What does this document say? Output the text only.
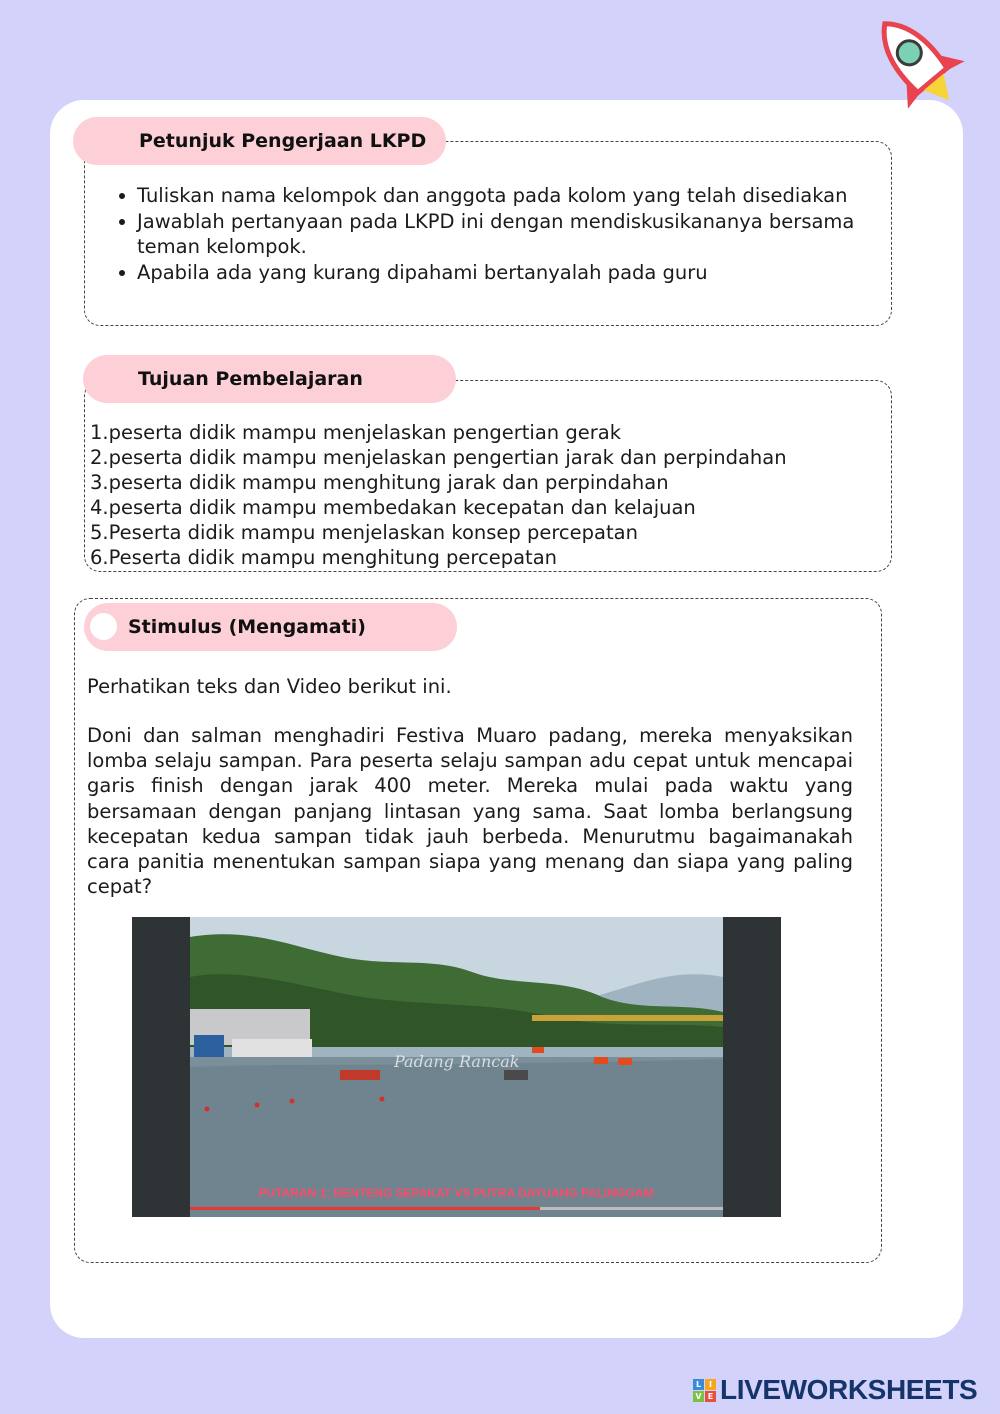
Petunjuk Pengerjaan LKPD
Tuliskan nama kelompok dan anggota pada kolom yang telah disediakan
Jawablah pertanyaan pada LKPD ini dengan mendiskusikananya bersama teman kelompok.
Apabila ada yang kurang dipahami bertanyalah pada guru
Tujuan Pembelajaran
1.peserta didik mampu menjelaskan pengertian gerak
2.peserta didik mampu menjelaskan pengertian jarak dan perpindahan
3.peserta didik mampu menghitung jarak dan perpindahan
4.peserta didik mampu membedakan kecepatan dan kelajuan
5.Peserta didik mampu menjelaskan konsep percepatan
6.Peserta didik mampu menghitung percepatan
Stimulus (Mengamati)

Perhatikan teks dan Video berikut ini.

Doni dan salman menghadiri Festiva Muaro padang, mereka menyaksikan lomba selaju sampan. Para peserta selaju sampan adu cepat untuk mencapai garis finish dengan jarak 400 meter. Mereka mulai pada waktu yang bersamaan dengan panjang lintasan yang sama. Saat lomba berlangsung kecepatan kedua sampan tidak jauh berbeda. Menurutmu bagaimanakah cara panitia menentukan sampan siapa yang menang dan siapa yang paling cepat?

Padang Rancak
PUTARAN 1: BENTENG SEPAKAT VS PUTRA DAYUANG PALINGGAM
L I
V E LIVEWORKSHEETS
